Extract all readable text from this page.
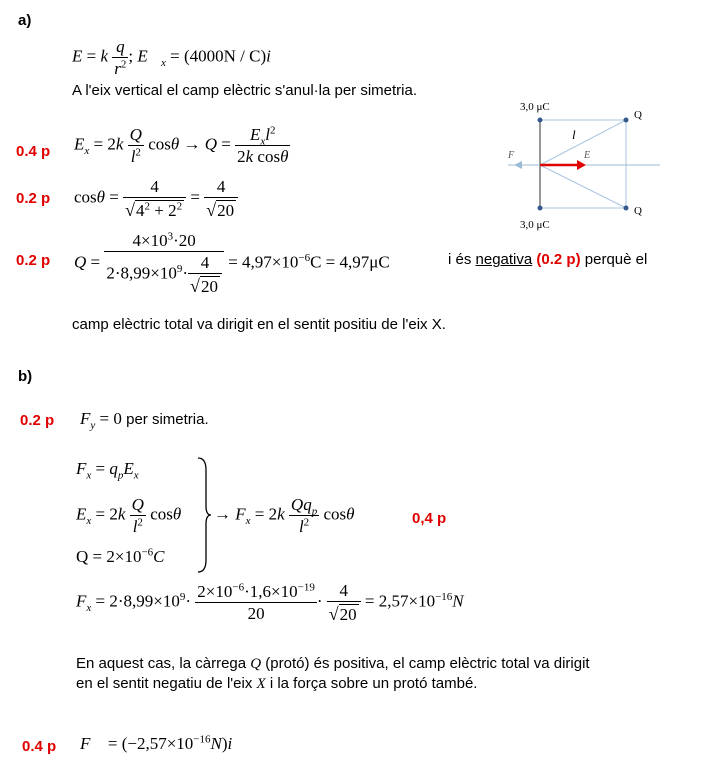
a)
E = k $\frac{q}{r^2}$ ; $E⃗_x = (4000N$ / C)i⃗
A l'eix vertical el camp elèctric s'anul·la per simetria.
0.4 p $E_x = 2k \frac{Q}{l^2}$ $\cos\theta \to Q = \frac{E_xl^2}{\text{2k cosθ}}$
0.2 p $\cos\theta = \frac{4}{√4^2 + 2^2} = \frac{4}{√20}$
0.2 p $Q = \frac{4\times 10^3\cdot 20}{2\cdot 8,99\times 10^9\cdot \frac{4}{√20}} = 4,97\times 10^{-6}C = 4,97\mu C$	i és negativa (0.2 p) perquè el
camp elèctric total va dirigit en el sentit positiu de l'eix X.
3,0 μC
3,0 μC
Q
Q
l
F	E
b)
0.2 p $F_y = 0$ per simetria.
$F_x = q_pE_x$
$E_x = 2k \frac{Q}{l^2}$ cosθ
$Q = 2\times 10^{-6}C$
→ $F_x = 2k \frac{Qq_p}{l^2}$ cosθ	0,4 p
$F_x = 2\cdot 8,99\times 10^9\cdot \frac{2\times 10^{-6}\cdot 1,6\times 10^{-19}}{20} \cdot \frac{4}{√20} = 2,57\times 10^{-16}N$
En aquest cas, la càrrega Q (protó) és positiva, el camp elèctric total va dirigit
en el sentit negatiu de l'eix X i la força sobre un protó també.
0.4 p F⃗ = $(-2,57\times 10^{-16}N)i⃗$
